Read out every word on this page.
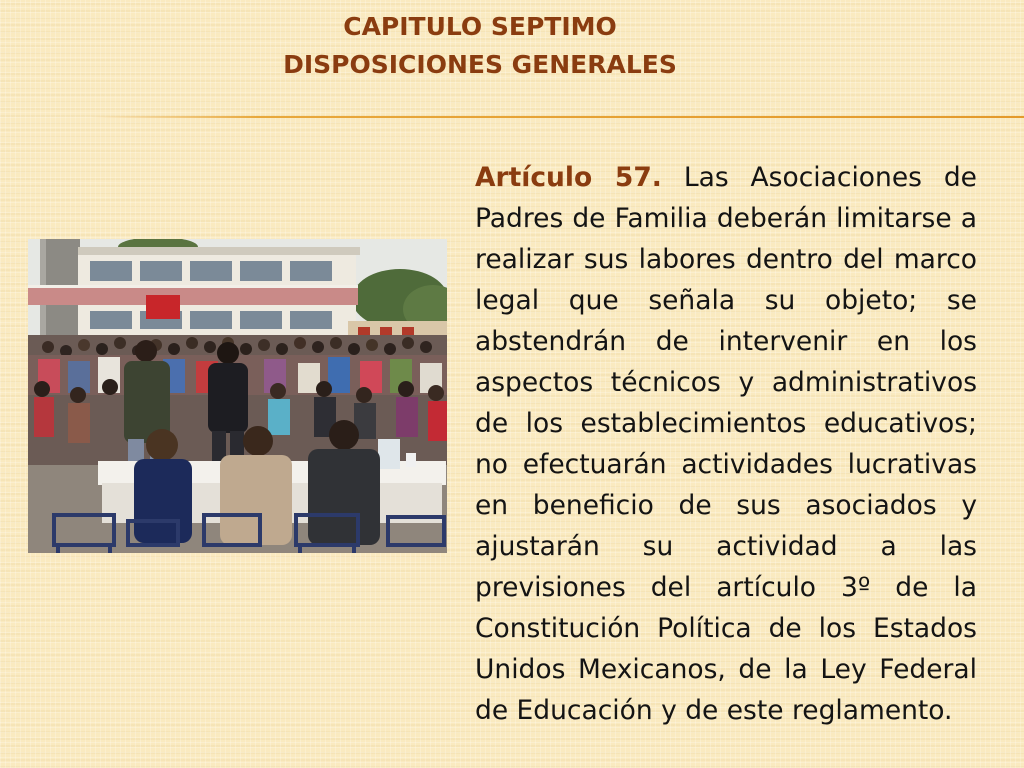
CAPITULO SEPTIMO
DISPOSICIONES GENERALES
Artículo 57. Las Asociaciones de Padres de Familia deberán limitarse a realizar sus labores dentro del marco legal que señala su objeto; se abstendrán de intervenir en los aspectos técnicos y administrativos de los establecimientos educativos; no efectuarán actividades lucrativas en beneficio de sus asociados y ajustarán su actividad a las previsiones del artículo 3º de la Constitución Política de los Estados Unidos Mexicanos, de la Ley Federal de Educación y de este reglamento.
